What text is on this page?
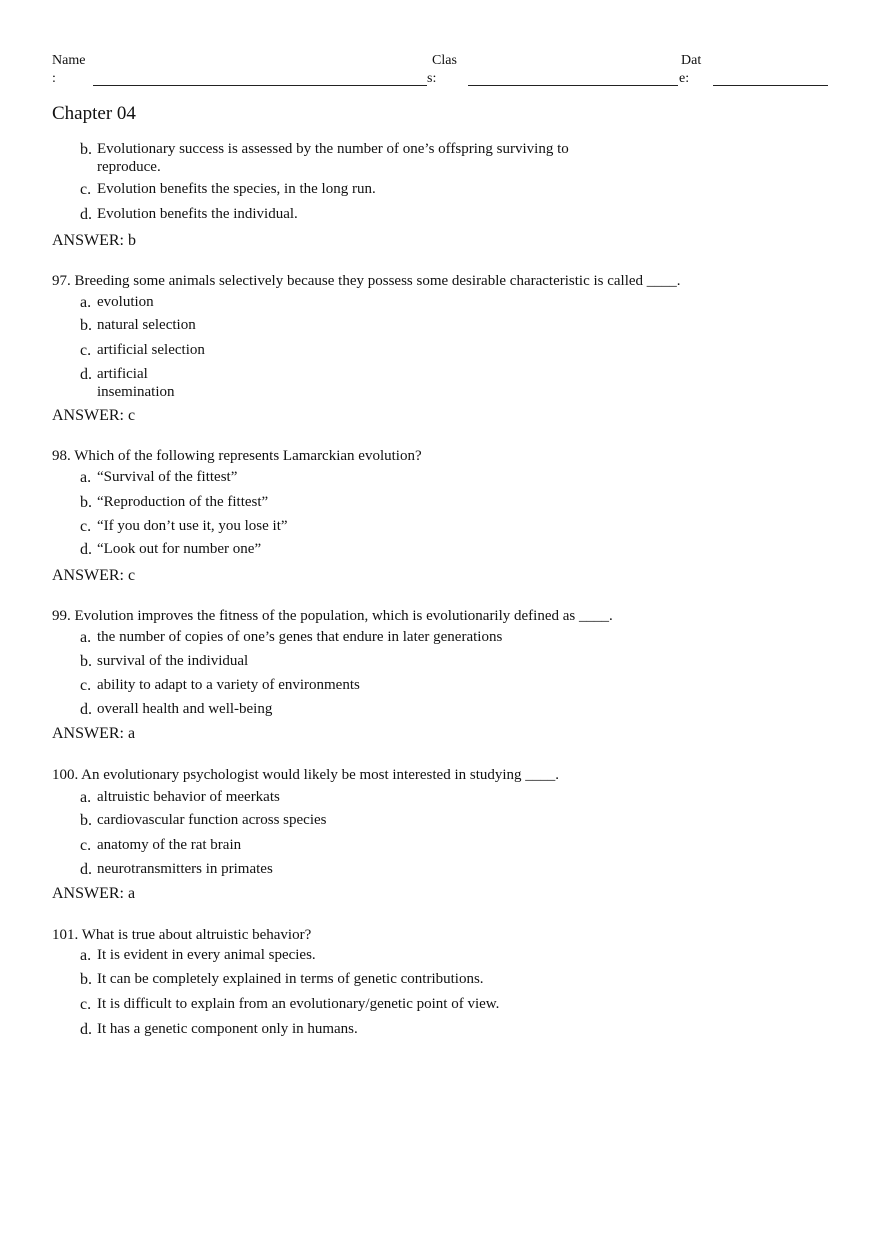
Name
:
Clas
s:
Dat
e:
Chapter 04
b. Evolutionary success is assessed by the number of one’s offspring surviving to reproduce.
c. Evolution benefits the species, in the long run.
d. Evolution benefits the individual.
ANSWER: b
97. Breeding some animals selectively because they possess some desirable characteristic is called ____.
a. evolution
b. natural selection
c. artificial selection
d. artificial insemination
ANSWER: c
98. Which of the following represents Lamarckian evolution?
a. “Survival of the fittest”
b. “Reproduction of the fittest”
c. “If you don’t use it, you lose it”
d. “Look out for number one”
ANSWER: c
99. Evolution improves the fitness of the population, which is evolutionarily defined as ____.
a. the number of copies of one’s genes that endure in later generations
b. survival of the individual
c. ability to adapt to a variety of environments
d. overall health and well-being
ANSWER: a
100. An evolutionary psychologist would likely be most interested in studying ____.
a. altruistic behavior of meerkats
b. cardiovascular function across species
c. anatomy of the rat brain
d. neurotransmitters in primates
ANSWER: a
101. What is true about altruistic behavior?
a. It is evident in every animal species.
b. It can be completely explained in terms of genetic contributions.
c. It is difficult to explain from an evolutionary/genetic point of view.
d. It has a genetic component only in humans.
